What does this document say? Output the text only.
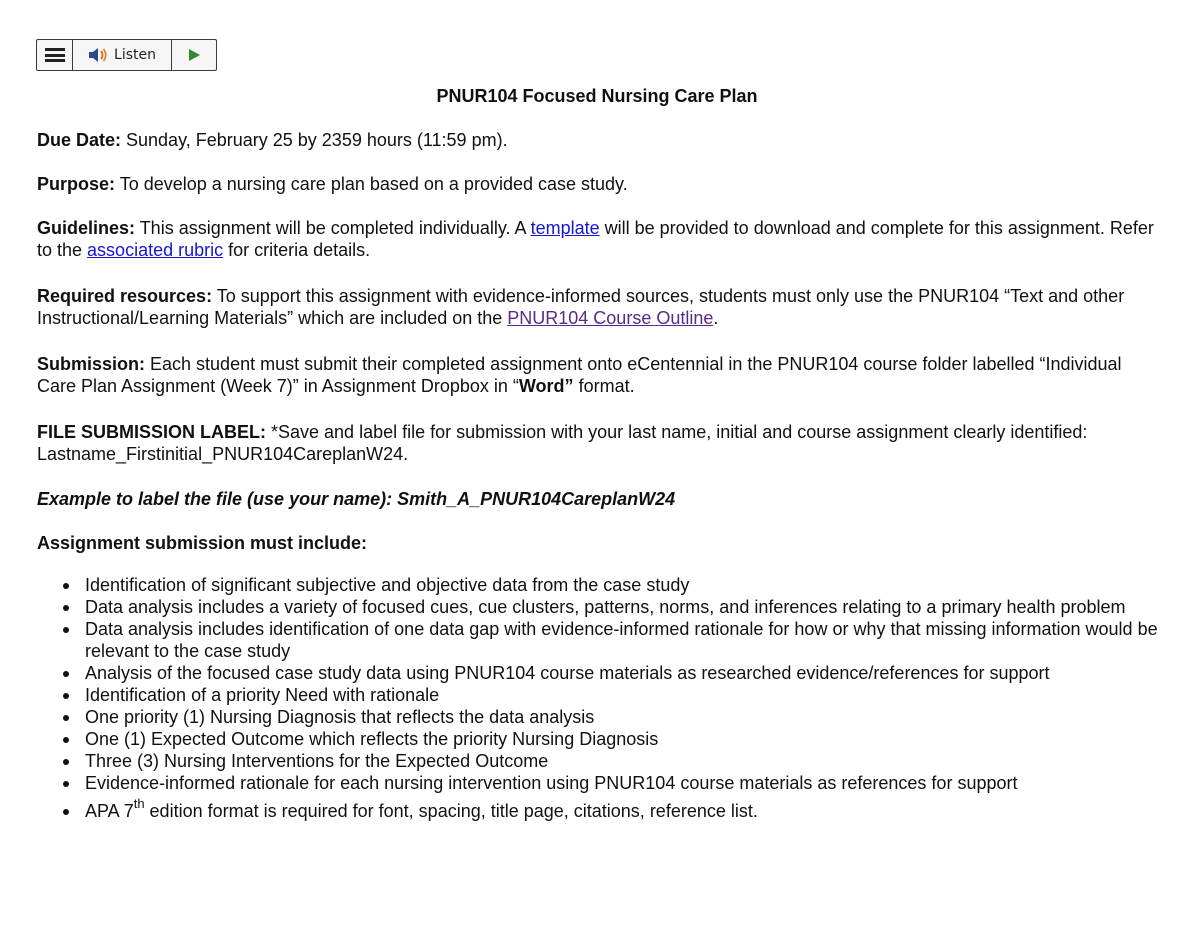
Listen
PNUR104 Focused Nursing Care Plan

Due Date: Sunday, February 25 by 2359 hours (11:59 pm).

Purpose: To develop a nursing care plan based on a provided case study.

Guidelines: This assignment will be completed individually. A template will be provided to download and complete for this assignment. Refer to the associated rubric for criteria details.

Required resources: To support this assignment with evidence-informed sources, students must only use the PNUR104 “Text and other Instructional/Learning Materials” which are included on the PNUR104 Course Outline.

Submission: Each student must submit their completed assignment onto eCentennial in the PNUR104 course folder labelled “Individual Care Plan Assignment (Week 7)” in Assignment Dropbox in “Word” format.

FILE SUBMISSION LABEL: *Save and label file for submission with your last name, initial and course assignment clearly identified: Lastname_Firstinitial_PNUR104CareplanW24.

Example to label the file (use your name): Smith_A_PNUR104CareplanW24

Assignment submission must include:

Identification of significant subjective and objective data from the case study
Data analysis includes a variety of focused cues, cue clusters, patterns, norms, and inferences relating to a primary health problem
Data analysis includes identification of one data gap with evidence-informed rationale for how or why that missing information would be relevant to the case study
Analysis of the focused case study data using PNUR104 course materials as researched evidence/references for support
Identification of a priority Need with rationale
One priority (1) Nursing Diagnosis that reflects the data analysis
One (1) Expected Outcome which reflects the priority Nursing Diagnosis
Three (3) Nursing Interventions for the Expected Outcome
Evidence-informed rationale for each nursing intervention using PNUR104 course materials as references for support
APA 7th edition format is required for font, spacing, title page, citations, reference list.
